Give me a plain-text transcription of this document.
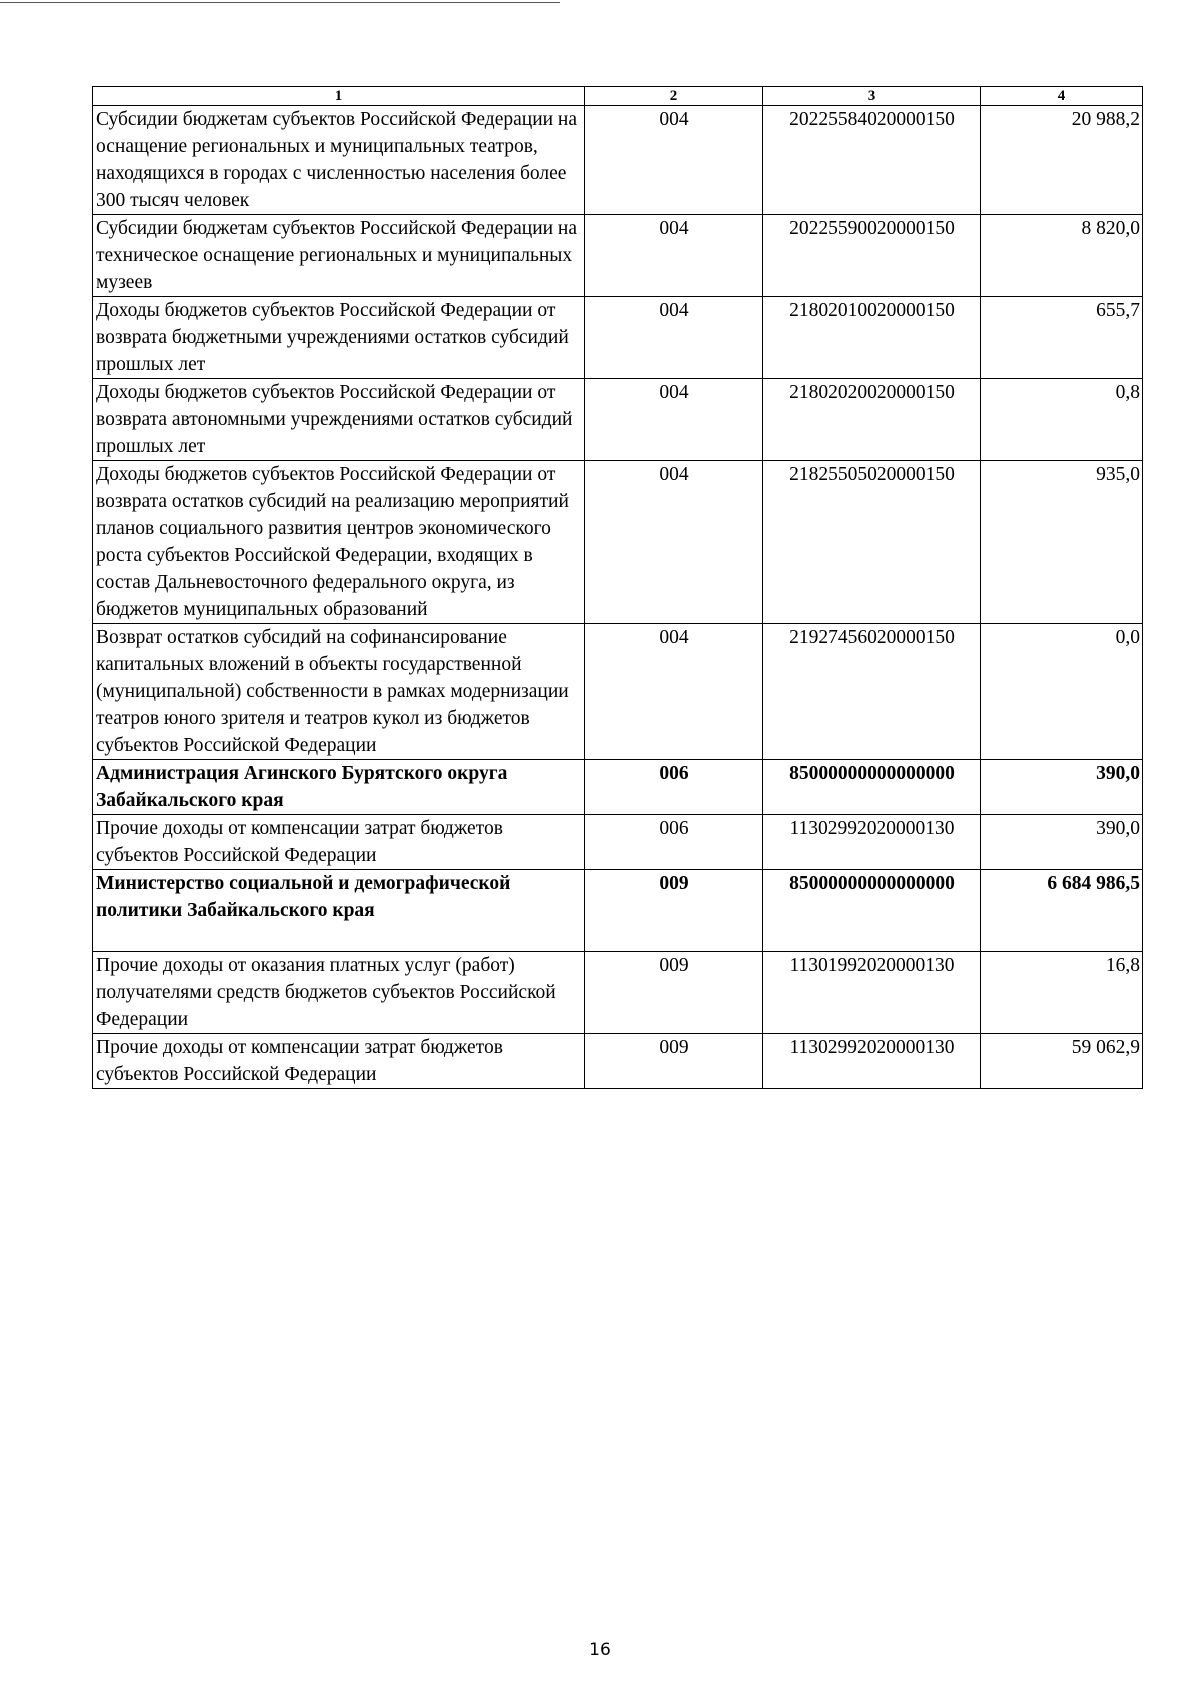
1	2	3	4
Субсидии бюджетам субъектов Российской Федерации на оснащение региональных и муниципальных театров, находящихся в городах с численностью населения более 300 тысяч человек	004	20225584020000150	20 988,2
Субсидии бюджетам субъектов Российской Федерации на техническое оснащение региональных и муниципальных музеев	004	20225590020000150	8 820,0
Доходы бюджетов субъектов Российской Федерации от возврата бюджетными учреждениями остатков субсидий прошлых лет	004	21802010020000150	655,7
Доходы бюджетов субъектов Российской Федерации от возврата автономными учреждениями остатков субсидий прошлых лет	004	21802020020000150	0,8
Доходы бюджетов субъектов Российской Федерации от возврата остатков субсидий на реализацию мероприятий планов социального развития центров экономического роста субъектов Российской Федерации, входящих в состав Дальневосточного федерального округа, из бюджетов муниципальных образований	004	21825505020000150	935,0
Возврат остатков субсидий на софинансирование капитальных вложений в объекты государственной (муниципальной) собственности в рамках модернизации театров юного зрителя и театров кукол из бюджетов субъектов Российской Федерации	004	21927456020000150	0,0
Администрация Агинского Бурятского округа Забайкальского края	006	85000000000000000	390,0
Прочие доходы от компенсации затрат бюджетов субъектов Российской Федерации	006	11302992020000130	390,0
Министерство социальной и демографической политики Забайкальского края	009	85000000000000000	6 684 986,5
Прочие доходы от оказания платных услуг (работ) получателями средств бюджетов субъектов Российской Федерации	009	11301992020000130	16,8
Прочие доходы от компенсации затрат бюджетов субъектов Российской Федерации	009	11302992020000130	59 062,9
16
